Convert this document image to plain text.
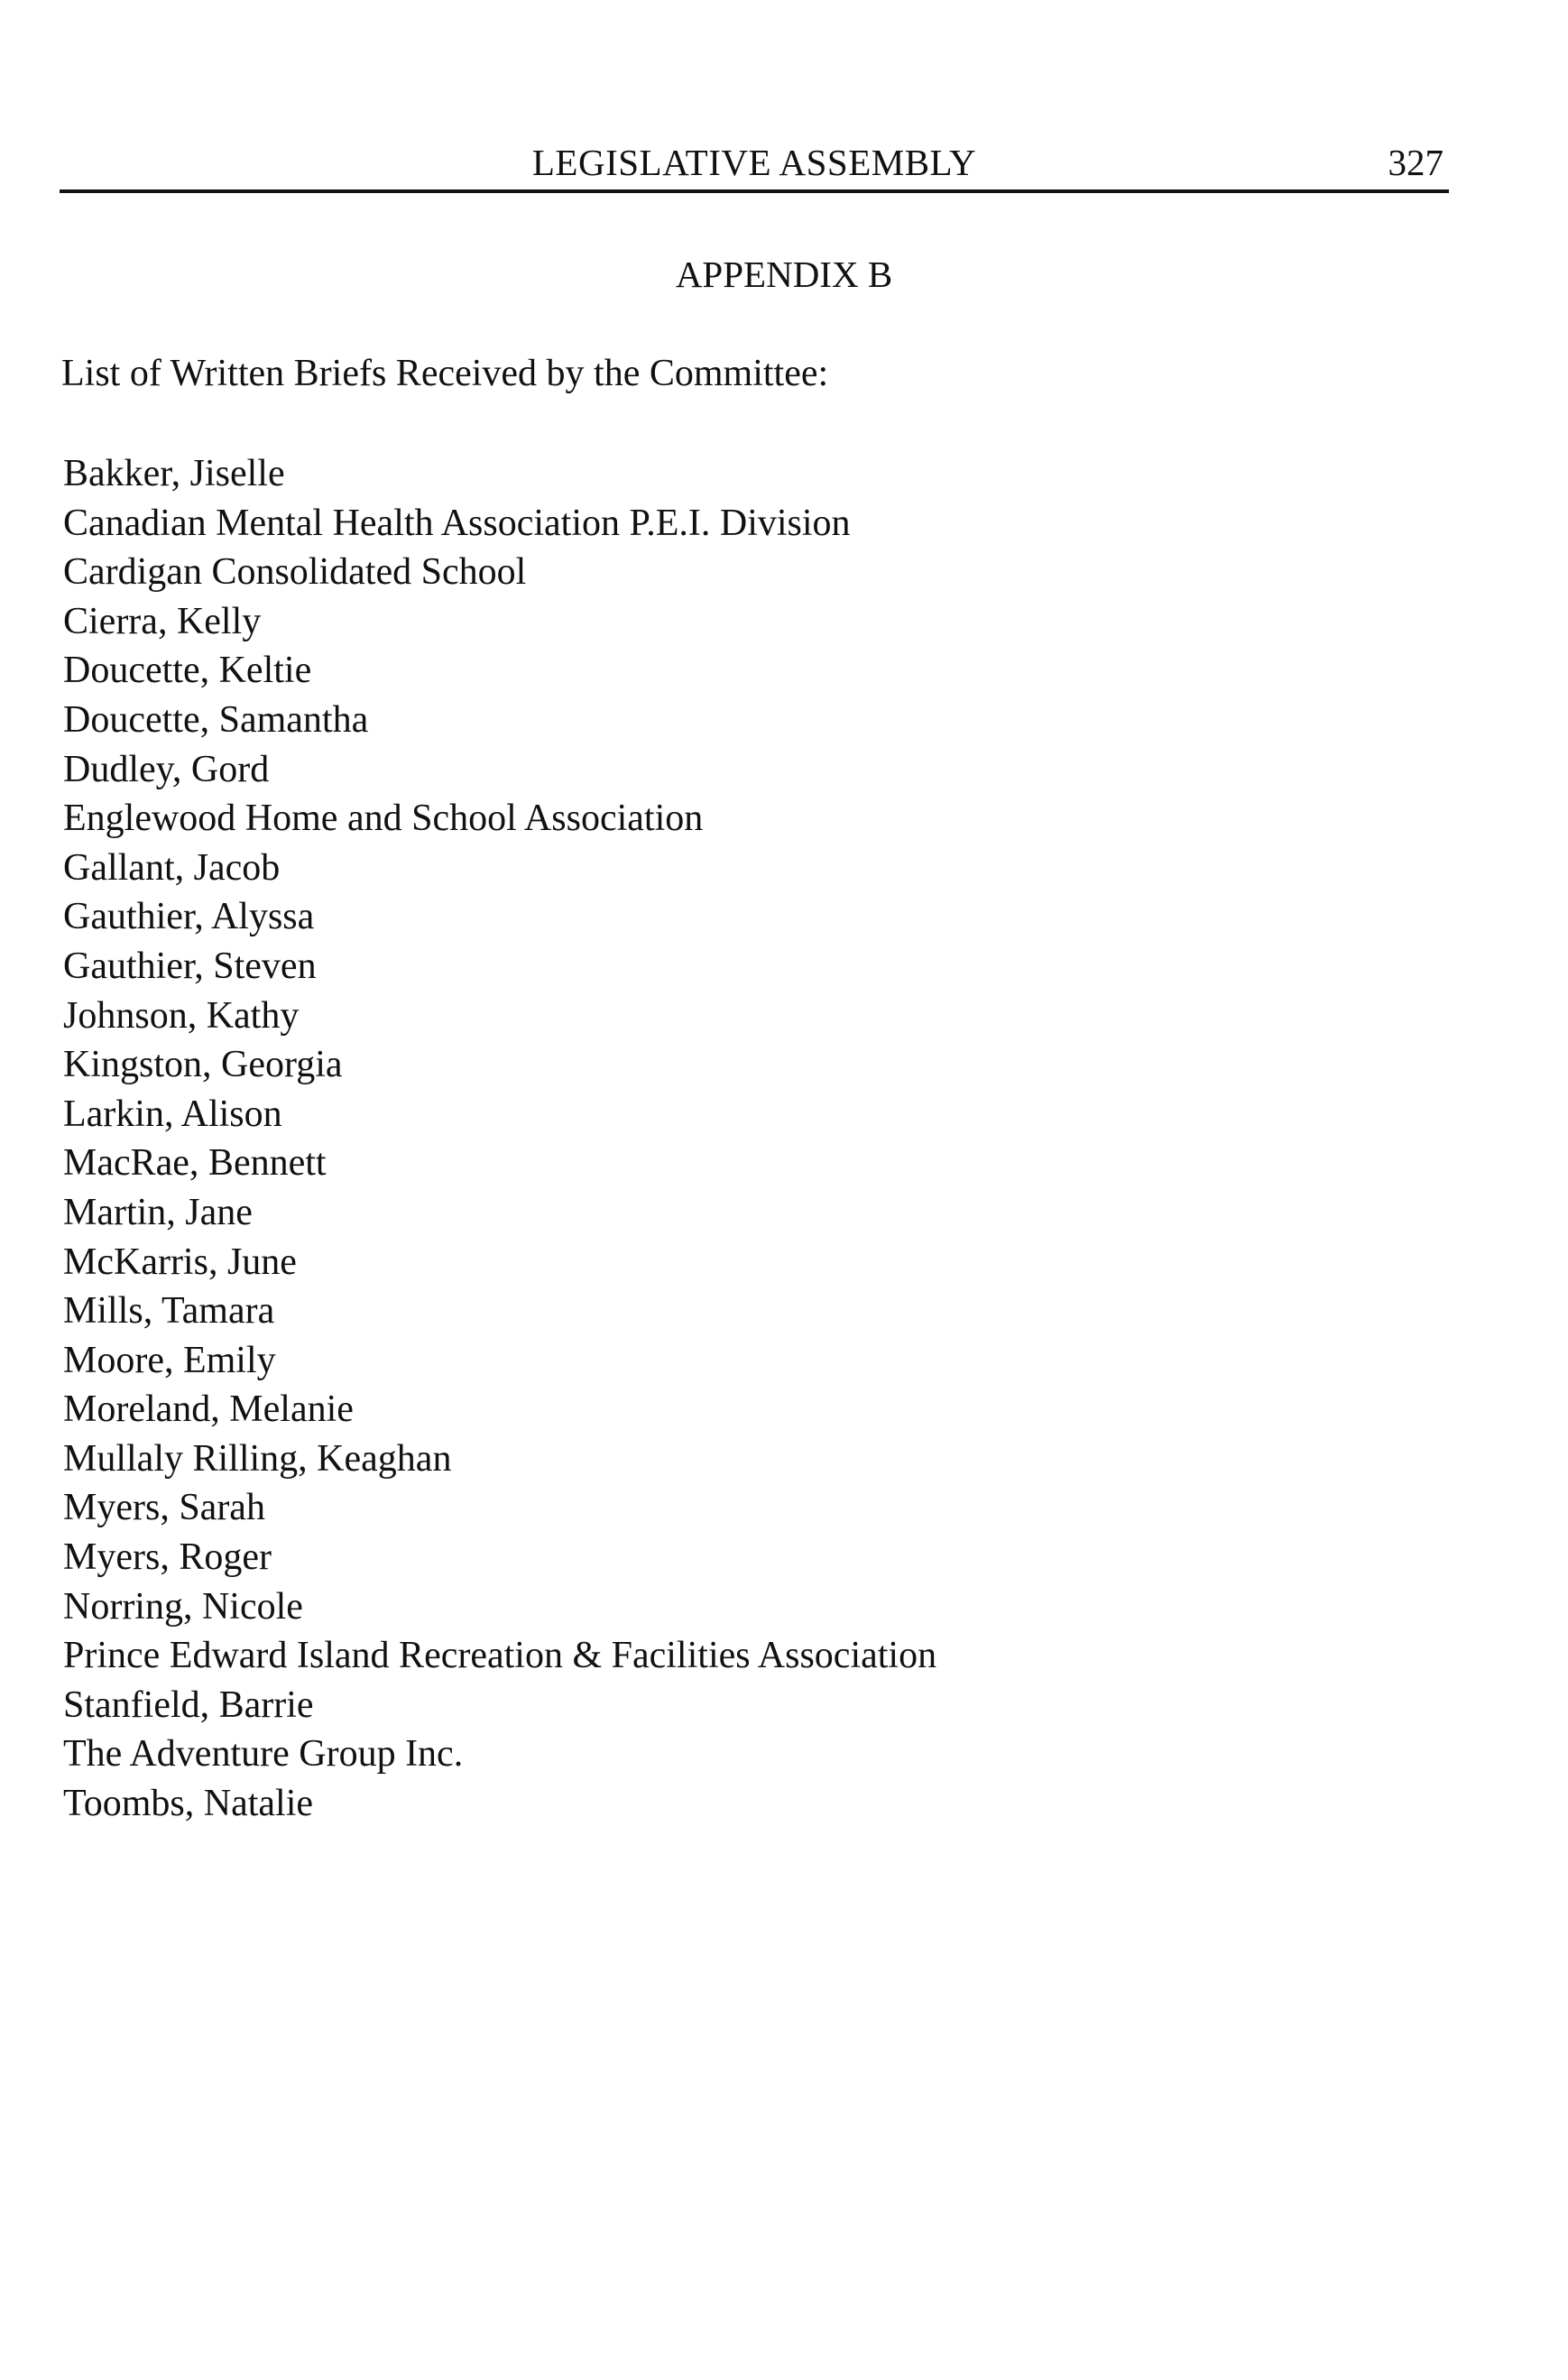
LEGISLATIVE ASSEMBLY	327
APPENDIX B
List of Written Briefs Received by the Committee:
Bakker, Jiselle
Canadian Mental Health Association P.E.I. Division
Cardigan Consolidated School
Cierra, Kelly
Doucette, Keltie
Doucette, Samantha
Dudley, Gord
Englewood Home and School Association
Gallant, Jacob
Gauthier, Alyssa
Gauthier, Steven
Johnson, Kathy
Kingston, Georgia
Larkin, Alison
MacRae, Bennett
Martin, Jane
McKarris, June
Mills, Tamara
Moore, Emily
Moreland, Melanie
Mullaly Rilling, Keaghan
Myers, Sarah
Myers, Roger
Norring, Nicole
Prince Edward Island Recreation & Facilities Association
Stanfield, Barrie
The Adventure Group Inc.
Toombs, Natalie
